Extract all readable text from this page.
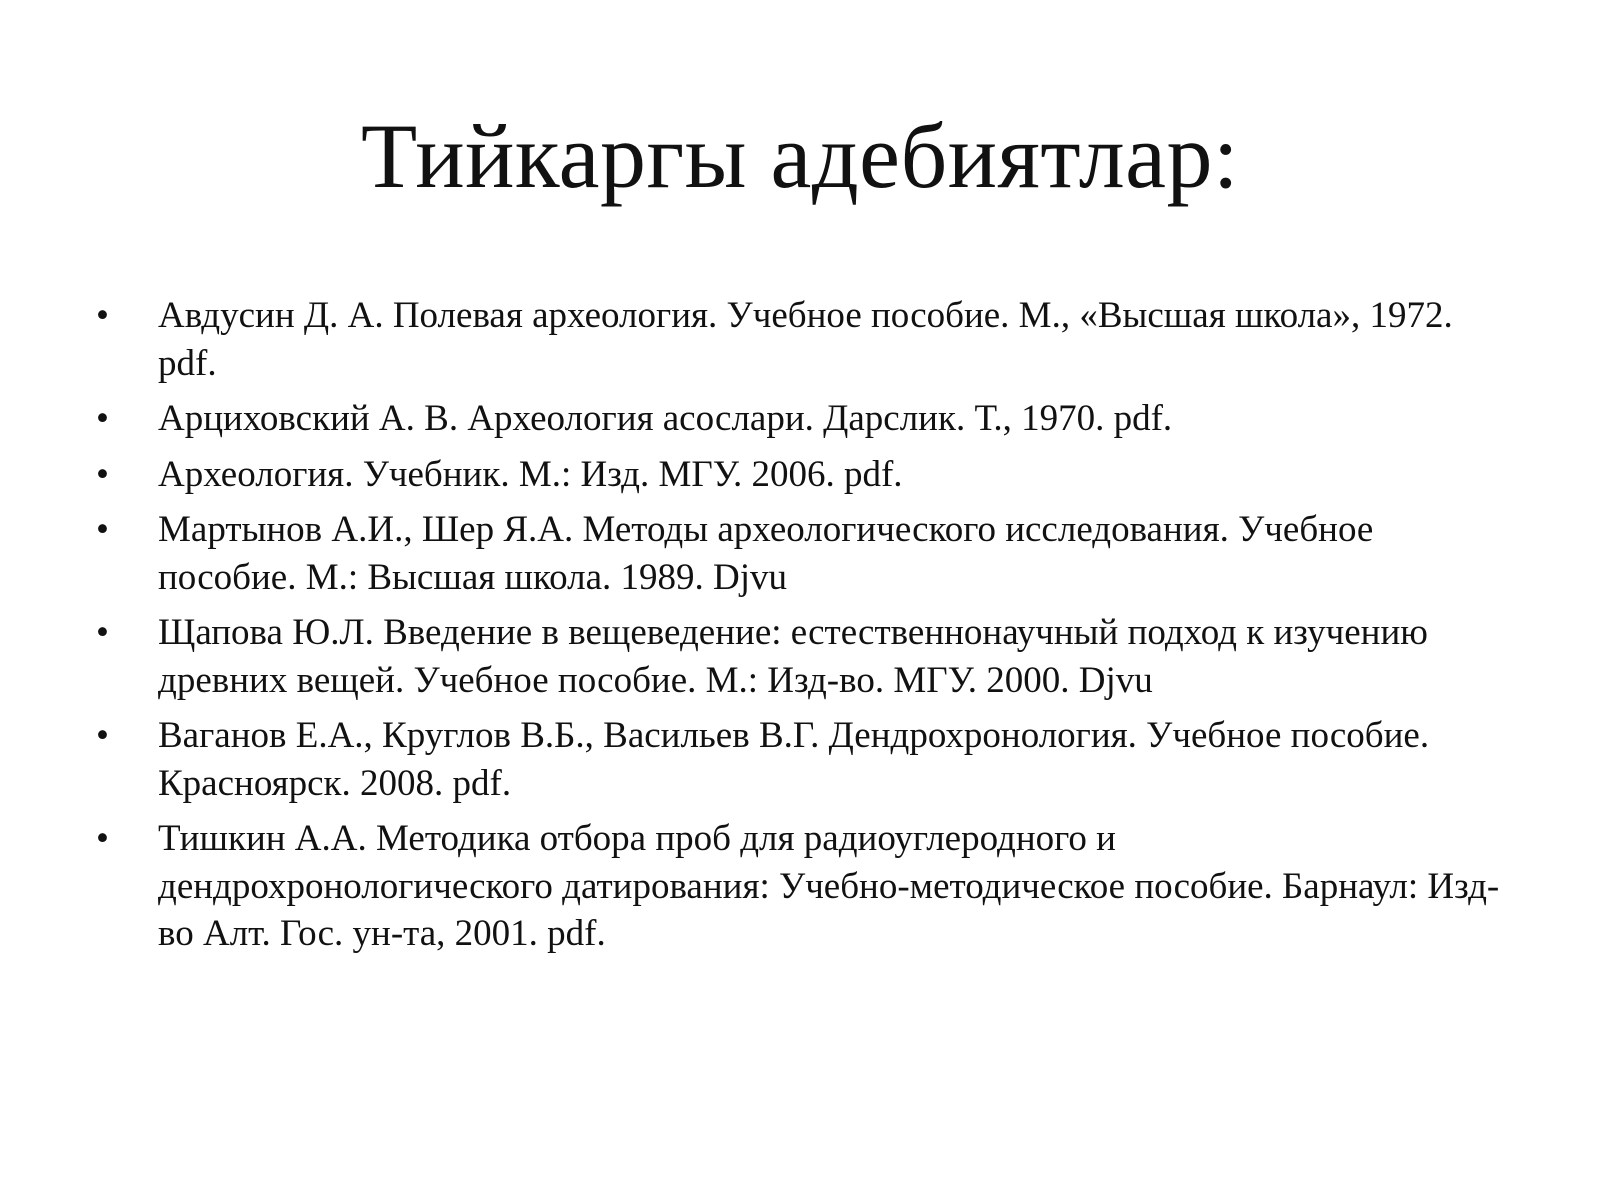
Тийкаргы адебиятлар:
• Авдусин Д. А. Полевая археология. Учебное пособие. М., «Высшая школа», 1972. pdf.
• Арциховский А. В. Археология асослари. Дарслик. Т., 1970. pdf.
• Археология. Учебник. М.: Изд. МГУ. 2006. pdf.
• Мартынов А.И., Шер Я.А. Методы археологического исследования. Учебное пособие. М.: Высшая школа. 1989. Djvu
• Щапова Ю.Л. Введение в вещеведение: естественнонаучный подход к изучению древних вещей. Учебное пособие. М.: Изд-во. МГУ. 2000. Djvu
• Ваганов Е.А., Круглов В.Б., Васильев В.Г. Дендрохронология. Учебное пособие. Красноярск. 2008. pdf.
• Тишкин А.А. Методика отбора проб для радиоуглеродного и дендрохронологического датирования: Учебно-методическое пособие. Барнаул: Изд-во Алт. Гос. ун-та, 2001. pdf.
